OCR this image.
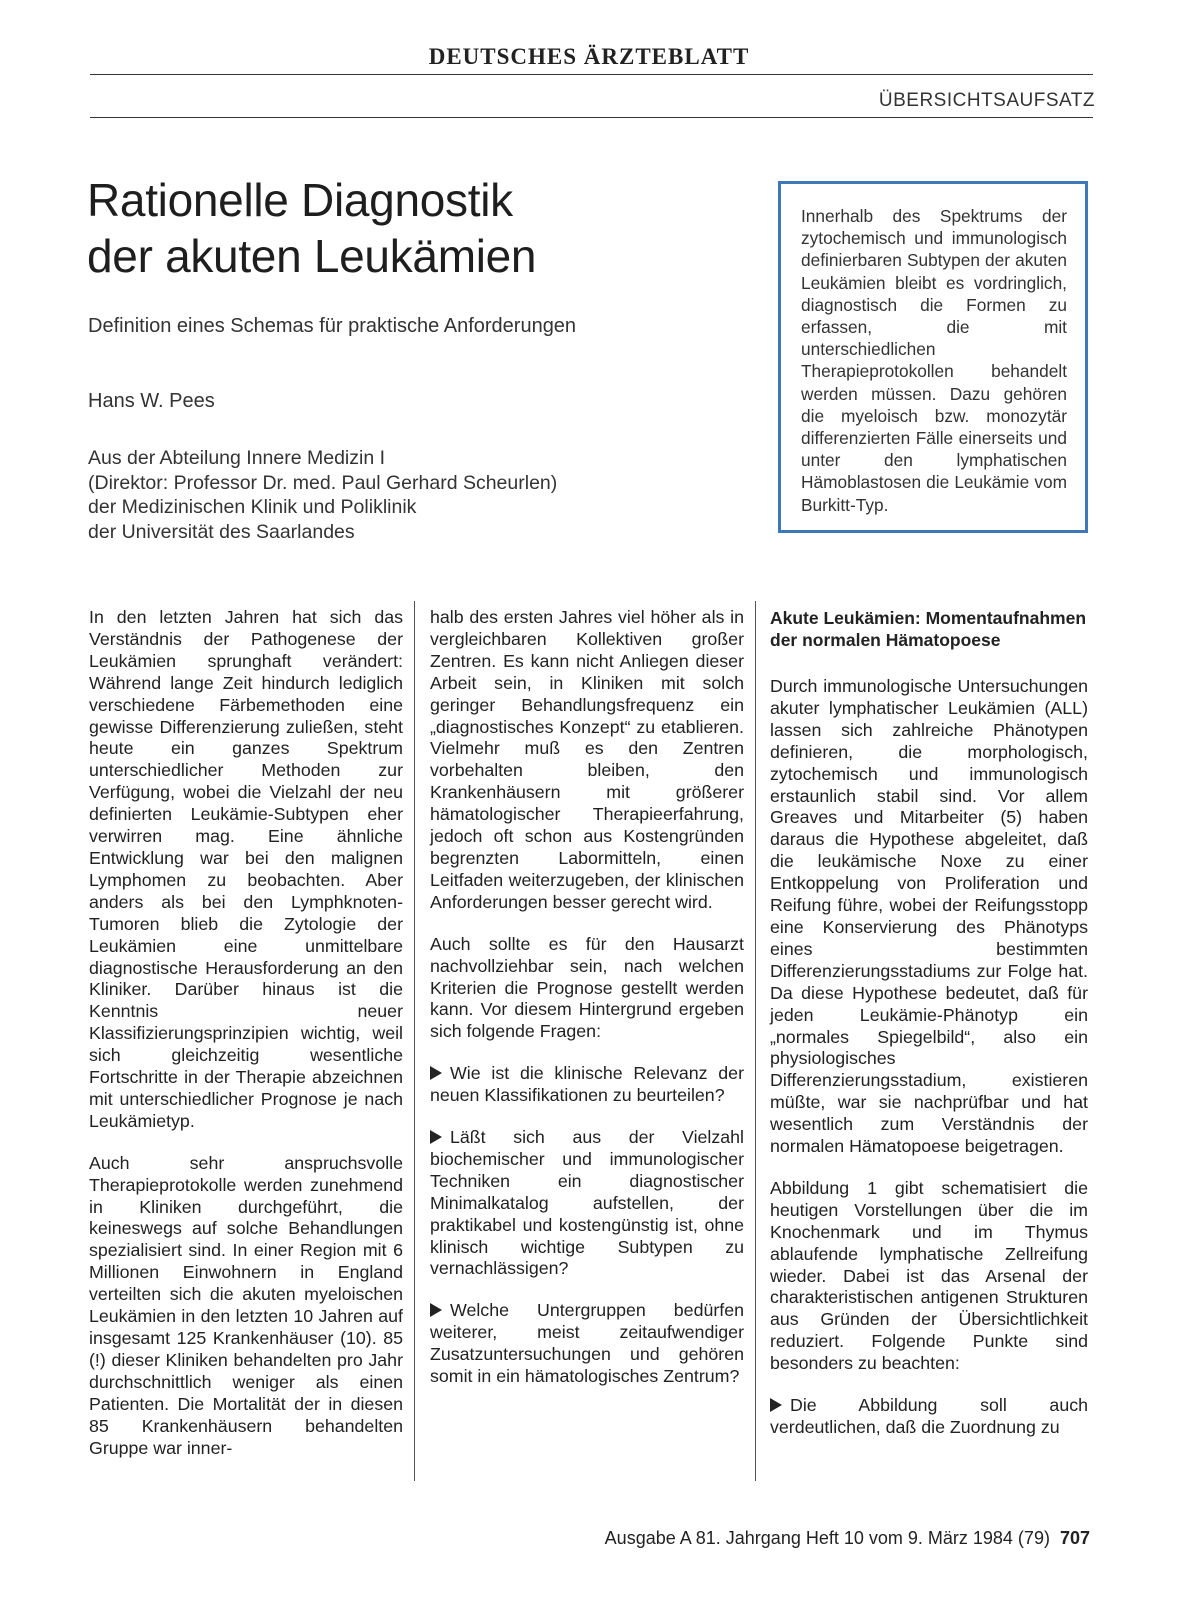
DEUTSCHES ÄRZTEBLATT
ÜBERSICHTSAUFSATZ
Rationelle Diagnostik
der akuten Leukämien
Definition eines Schemas für praktische Anforderungen
Hans W. Pees
Aus der Abteilung Innere Medizin I
(Direktor: Professor Dr. med. Paul Gerhard Scheurlen)
der Medizinischen Klinik und Poliklinik
der Universität des Saarlandes
Innerhalb des Spektrums der zytochemisch und immunologisch definierbaren Subtypen der akuten Leukämien bleibt es vordringlich, diagnostisch die Formen zu erfassen, die mit unterschiedlichen Therapieprotokollen behandelt werden müssen. Dazu gehören die myeloisch bzw. monozytär differenzierten Fälle einerseits und unter den lymphatischen Hämoblastosen die Leukämie vom Burkitt-Typ.

In den letzten Jahren hat sich das Verständnis der Pathogenese der Leukämien sprunghaft verändert: Während lange Zeit hindurch lediglich verschiedene Färbemethoden eine gewisse Differenzierung zuließen, steht heute ein ganzes Spektrum unterschiedlicher Methoden zur Verfügung, wobei die Vielzahl der neu definierten Leukämie-Subtypen eher verwirren mag. Eine ähnliche Entwicklung war bei den malignen Lymphomen zu beobachten. Aber anders als bei den Lymphknoten-Tumoren blieb die Zytologie der Leukämien eine unmittelbare diagnostische Herausforderung an den Kliniker. Darüber hinaus ist die Kenntnis neuer Klassifizierungsprinzipien wichtig, weil sich gleichzeitig wesentliche Fortschritte in der Therapie abzeichnen mit unterschiedlicher Prognose je nach Leukämietyp.

Auch sehr anspruchsvolle Therapieprotokolle werden zunehmend in Kliniken durchgeführt, die keineswegs auf solche Behandlungen spezialisiert sind. In einer Region mit 6 Millionen Einwohnern in England verteilten sich die akuten myeloischen Leukämien in den letzten 10 Jahren auf insgesamt 125 Krankenhäuser (10). 85 (!) dieser Kliniken behandelten pro Jahr durchschnittlich weniger als einen Patienten. Die Mortalität der in diesen 85 Krankenhäusern behandelten Gruppe war inner-

halb des ersten Jahres viel höher als in vergleichbaren Kollektiven großer Zentren. Es kann nicht Anliegen dieser Arbeit sein, in Kliniken mit solch geringer Behandlungsfrequenz ein „diagnostisches Konzept“ zu etablieren. Vielmehr muß es den Zentren vorbehalten bleiben, den Krankenhäusern mit größerer hämatologischer Therapieerfahrung, jedoch oft schon aus Kostengründen begrenzten Labormitteln, einen Leitfaden weiterzugeben, der klinischen Anforderungen besser gerecht wird.

Auch sollte es für den Hausarzt nachvollziehbar sein, nach welchen Kriterien die Prognose gestellt werden kann. Vor diesem Hintergrund ergeben sich folgende Fragen:

Wie ist die klinische Relevanz der neuen Klassifikationen zu beurteilen?

Läßt sich aus der Vielzahl biochemischer und immunologischer Techniken ein diagnostischer Minimalkatalog aufstellen, der praktikabel und kostengünstig ist, ohne klinisch wichtige Subtypen zu vernachlässigen?

Welche Untergruppen bedürfen weiterer, meist zeitaufwendiger Zusatzuntersuchungen und gehören somit in ein hämatologisches Zentrum?

Akute Leukämien: Momentaufnahmen der normalen Hämatopoese

Durch immunologische Untersuchungen akuter lymphatischer Leukämien (ALL) lassen sich zahlreiche Phänotypen definieren, die morphologisch, zytochemisch und immunologisch erstaunlich stabil sind. Vor allem Greaves und Mitarbeiter (5) haben daraus die Hypothese abgeleitet, daß die leukämische Noxe zu einer Entkoppelung von Proliferation und Reifung führe, wobei der Reifungsstopp eine Konservierung des Phänotyps eines bestimmten Differenzierungsstadiums zur Folge hat. Da diese Hypothese bedeutet, daß für jeden Leukämie-Phänotyp ein „normales Spiegelbild“, also ein physiologisches Differenzierungsstadium, existieren müßte, war sie nachprüfbar und hat wesentlich zum Verständnis der normalen Hämatopoese beigetragen.

Abbildung 1 gibt schematisiert die heutigen Vorstellungen über die im Knochenmark und im Thymus ablaufende lymphatische Zellreifung wieder. Dabei ist das Arsenal der charakteristischen antigenen Strukturen aus Gründen der Übersichtlichkeit reduziert. Folgende Punkte sind besonders zu beachten:

Die Abbildung soll auch verdeutlichen, daß die Zuordnung zu

Ausgabe A 81. Jahrgang Heft 10 vom 9. März 1984 (79) 707
